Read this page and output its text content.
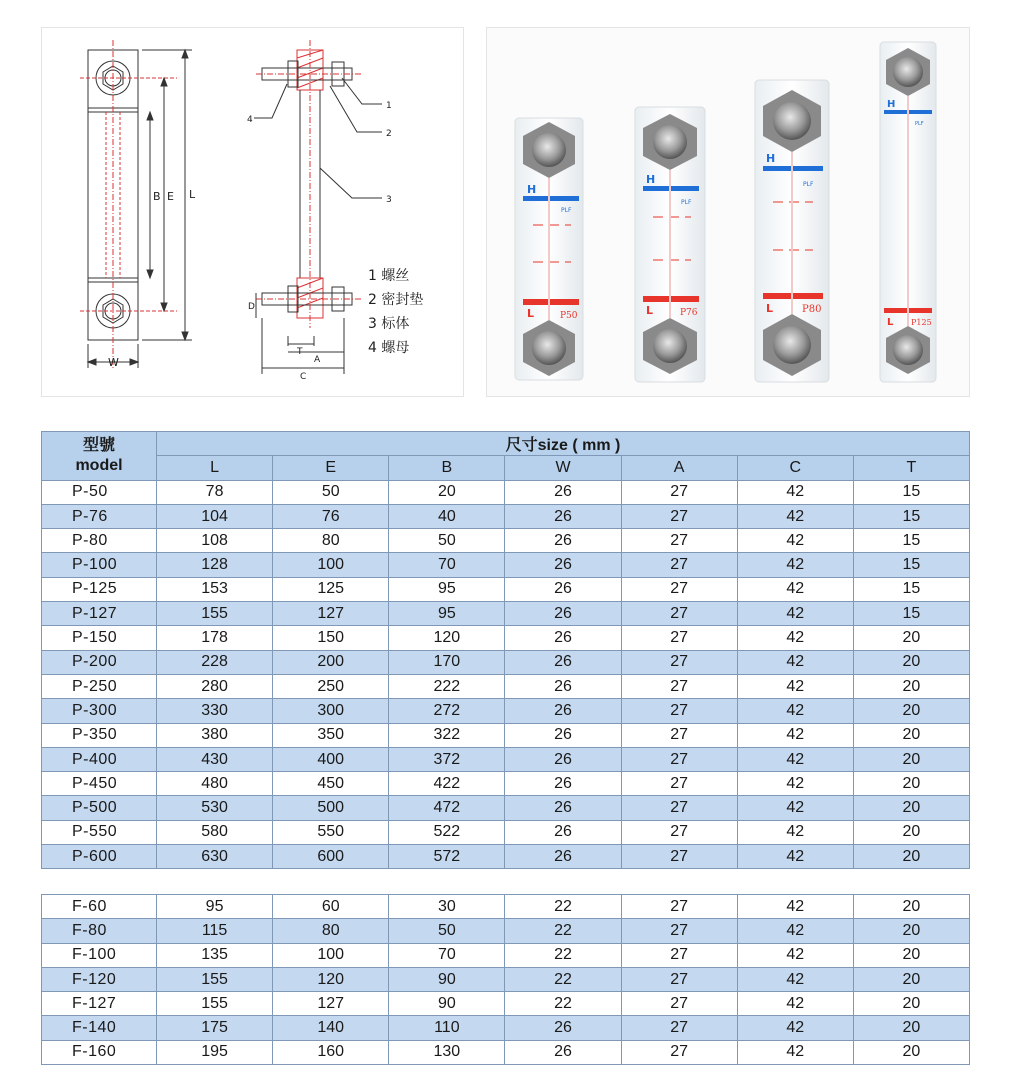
L
E
B
W
1
2
3
4
D
T
A
C
1 螺丝
2 密封垫
3 标体
4 螺母
H
L	P50
PLF
H
L	P76
PLF
H
L	P80
PLF
H
L P125
PLF
型號
model	尺寸size ( mm )						
	L	E	B	W	A	C	T
P-50	78	50	20	26	27	42	15
P-76	104	76	40	26	27	42	15
P-80	108	80	50	26	27	42	15
P-100	128	100	70	26	27	42	15
P-125	153	125	95	26	27	42	15
P-127	155	127	95	26	27	42	15
P-150	178	150	120	26	27	42	20
P-200	228	200	170	26	27	42	20
P-250	280	250	222	26	27	42	20
P-300	330	300	272	26	27	42	20
P-350	380	350	322	26	27	42	20
P-400	430	400	372	26	27	42	20
P-450	480	450	422	26	27	42	20
P-500	530	500	472	26	27	42	20
P-550	580	550	522	26	27	42	20
P-600	630	600	572	26	27	42	20
F-60	95	60	30	22	27	42	20
F-80	115	80	50	22	27	42	20
F-100	135	100	70	22	27	42	20
F-120	155	120	90	22	27	42	20
F-127	155	127	90	22	27	42	20
F-140	175	140	110	26	27	42	20
F-160	195	160	130	26	27	42	20
